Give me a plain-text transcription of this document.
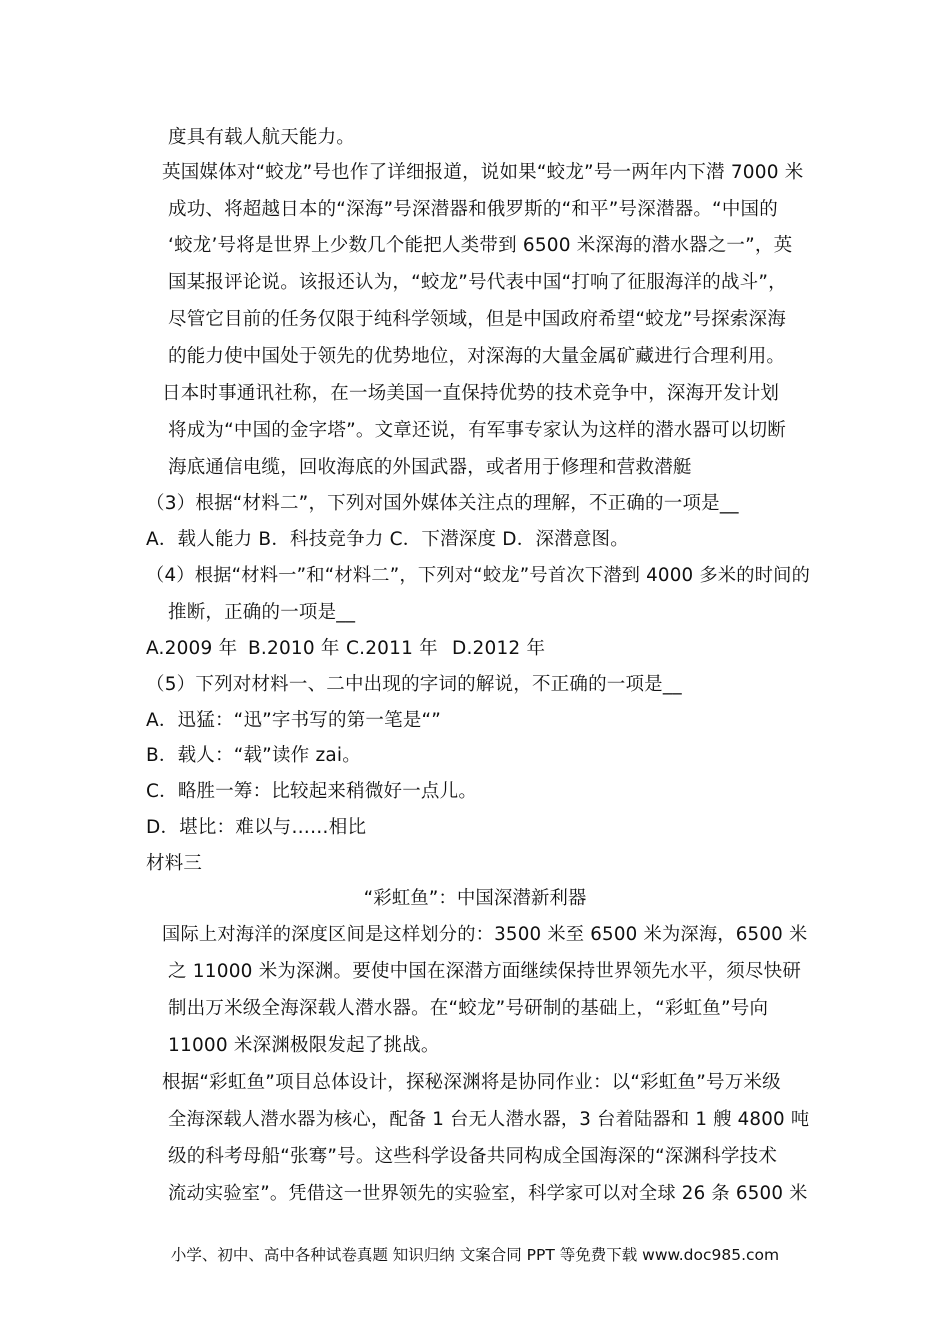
度具有载人航天能力。
英国媒体对“蛟龙”号也作了详细报道，说如果“蛟龙”号一两年内下潜 7000 米
成功、将超越日本的“深海”号深潜器和俄罗斯的“和平”号深潜器。“中国的
‘蛟龙’号将是世界上少数几个能把人类带到 6500 米深海的潜水器之一”，英
国某报评论说。该报还认为，“蛟龙”号代表中国“打响了征服海洋的战斗”，
尽管它目前的任务仅限于纯科学领域，但是中国政府希望“蛟龙”号探索深海
的能力使中国处于领先的优势地位，对深海的大量金属矿藏进行合理利用。
日本时事通讯社称，在一场美国一直保持优势的技术竞争中，深海开发计划
将成为“中国的金字塔”。文章还说，有军事专家认为这样的潜水器可以切断
海底通信电缆，回收海底的外国武器，或者用于修理和营救潜艇
（3）根据“材料二”，下列对国外媒体关注点的理解，不正确的一项是__
A．载人能力 B．科技竞争力 C．下潜深度 D．深潜意图。
（4）根据“材料一”和“材料二”，下列对“蛟龙”号首次下潜到 4000 多米的时间的
推断，正确的一项是__
A.2009 年 B.2010 年 C.2011 年 D.2012 年
（5）下列对材料一、二中出现的字词的解说，不正确的一项是__
A．迅猛：“迅”字书写的第一笔是“”
B．载人：“载”读作 zai。
C．略胜一筹：比较起来稍微好一点儿。
D．堪比：难以与……相比
材料三
“彩虹鱼”：中国深潜新利器
国际上对海洋的深度区间是这样划分的：3500 米至 6500 米为深海，6500 米
之 11000 米为深渊。要使中国在深潜方面继续保持世界领先水平，须尽快研
制出万米级全海深载人潜水器。在“蛟龙”号研制的基础上，“彩虹鱼”号向
11000 米深渊极限发起了挑战。
根据“彩虹鱼”项目总体设计，探秘深渊将是协同作业：以“彩虹鱼”号万米级
全海深载人潜水器为核心，配备 1 台无人潜水器，3 台着陆器和 1 艘 4800 吨
级的科考母船“张骞”号。这些科学设备共同构成全国海深的“深渊科学技术
流动实验室”。凭借这一世界领先的实验室，科学家可以对全球 26 条 6500 米
小学、初中、高中各种试卷真题 知识归纳 文案合同 PPT 等免费下载 www.doc985.com
